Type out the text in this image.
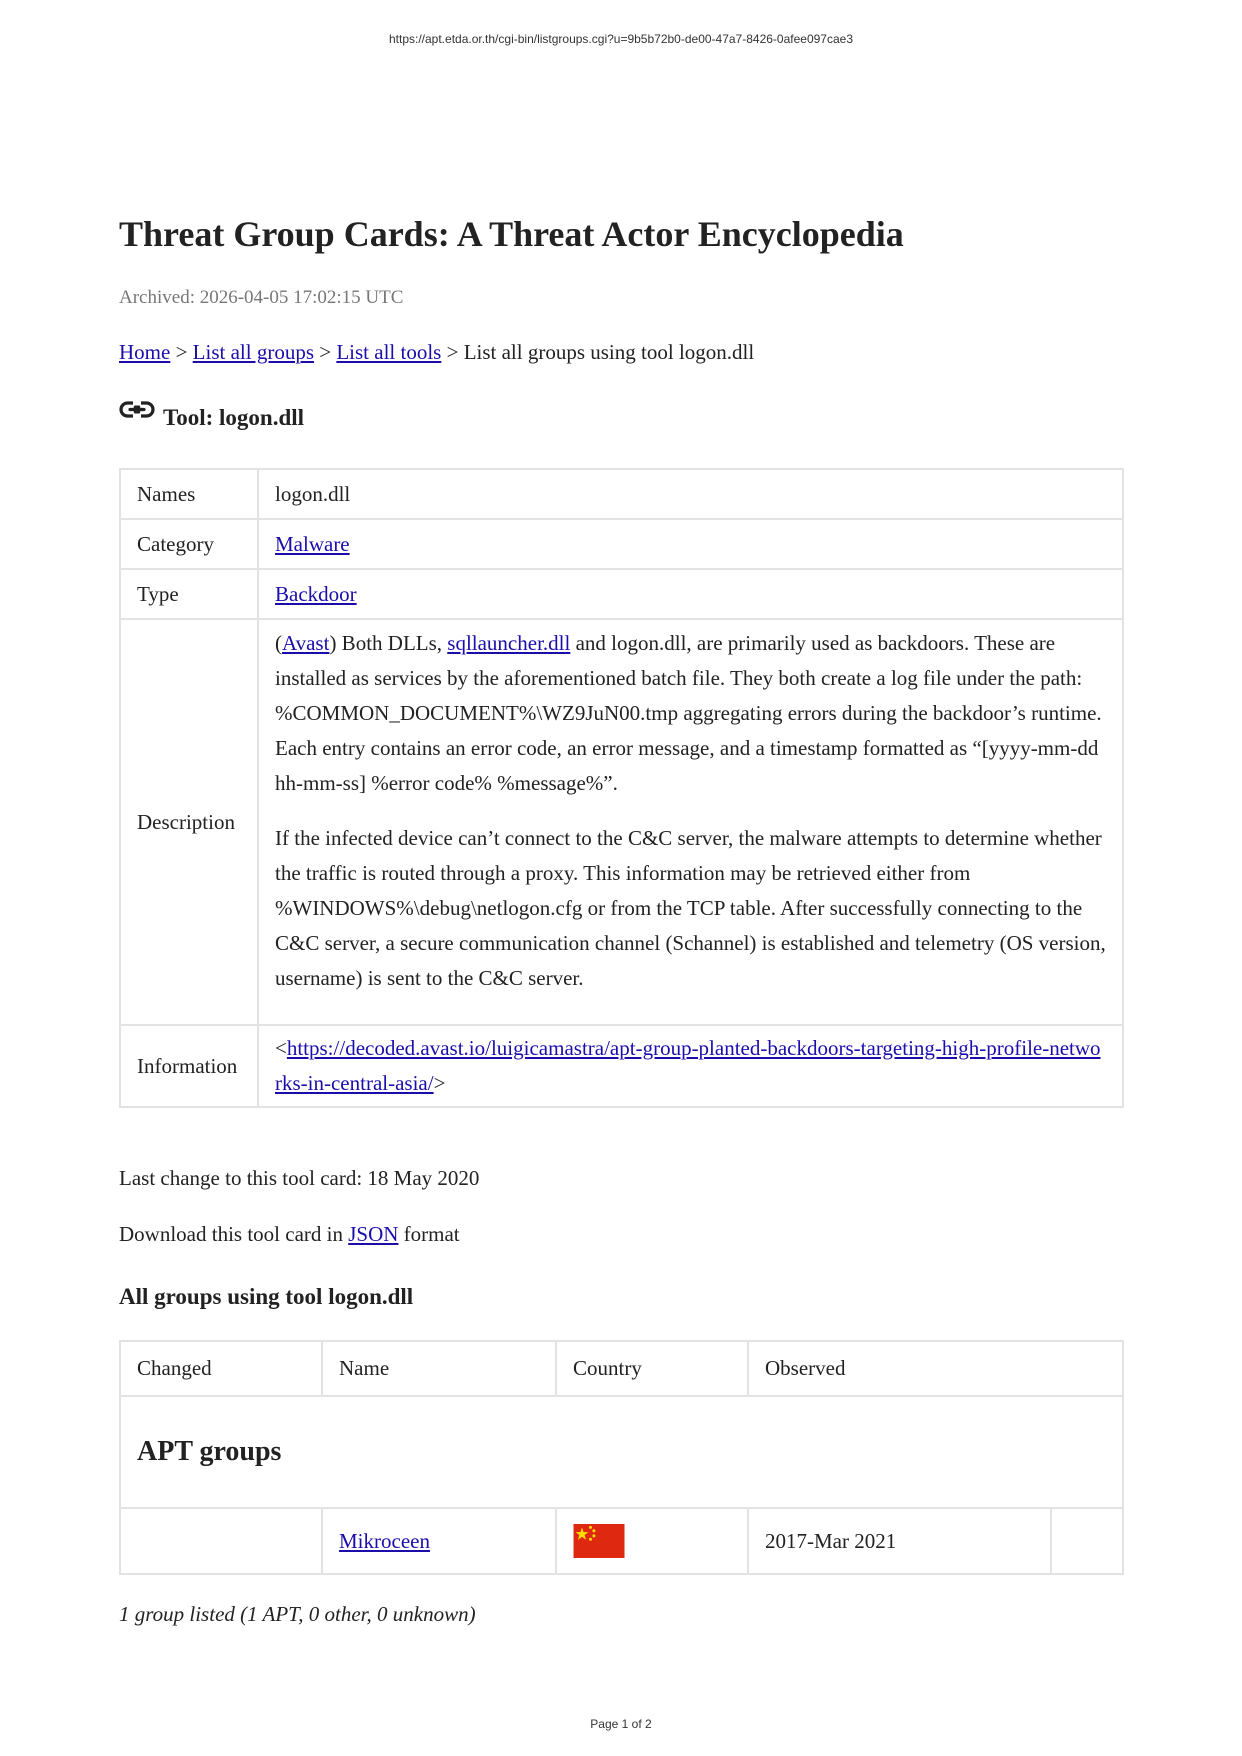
https://apt.etda.or.th/cgi-bin/listgroups.cgi?u=9b5b72b0-de00-47a7-8426-0afee097cae3
Threat Group Cards: A Threat Actor Encyclopedia
Archived: 2026-04-05 17:02:15 UTC
Home > List all groups > List all tools > List all groups using tool logon.dll
Tool: logon.dll
Names	logon.dll
Category	Malware
Type	Backdoor
Description	(Avast) Both DLLs, sqllauncher.dll and logon.dll, are primarily used as backdoors. These are installed as services by the aforementioned batch file. They both create a log file under the path: %COMMON_DOCUMENT%\WZ9JuN00.tmp aggregating errors during the backdoor’s runtime. Each entry contains an error code, an error message, and a timestamp formatted as “[yyyy-mm-dd hh-mm-ss] %error code% %message%”.

If the infected device can’t connect to the C&C server, the malware attempts to determine whether the traffic is routed through a proxy. This information may be retrieved either from %WINDOWS%\debug\netlogon.cfg or from the TCP table. After successfully connecting to the C&C server, a secure communication channel (Schannel) is established and telemetry (OS version, username) is sent to the C&C server.

Information	<https://decoded.avast.io/luigicamastra/apt-group-planted-backdoors-targeting-high-profile-networks-in-central-asia/>
Last change to this tool card: 18 May 2020
Download this tool card in JSON format
All groups using tool logon.dll
Changed	Name	Country	Observed	
APT groups				
	Mikroceen		2017-Mar 2021	
1 group listed (1 APT, 0 other, 0 unknown)
Page 1 of 2
